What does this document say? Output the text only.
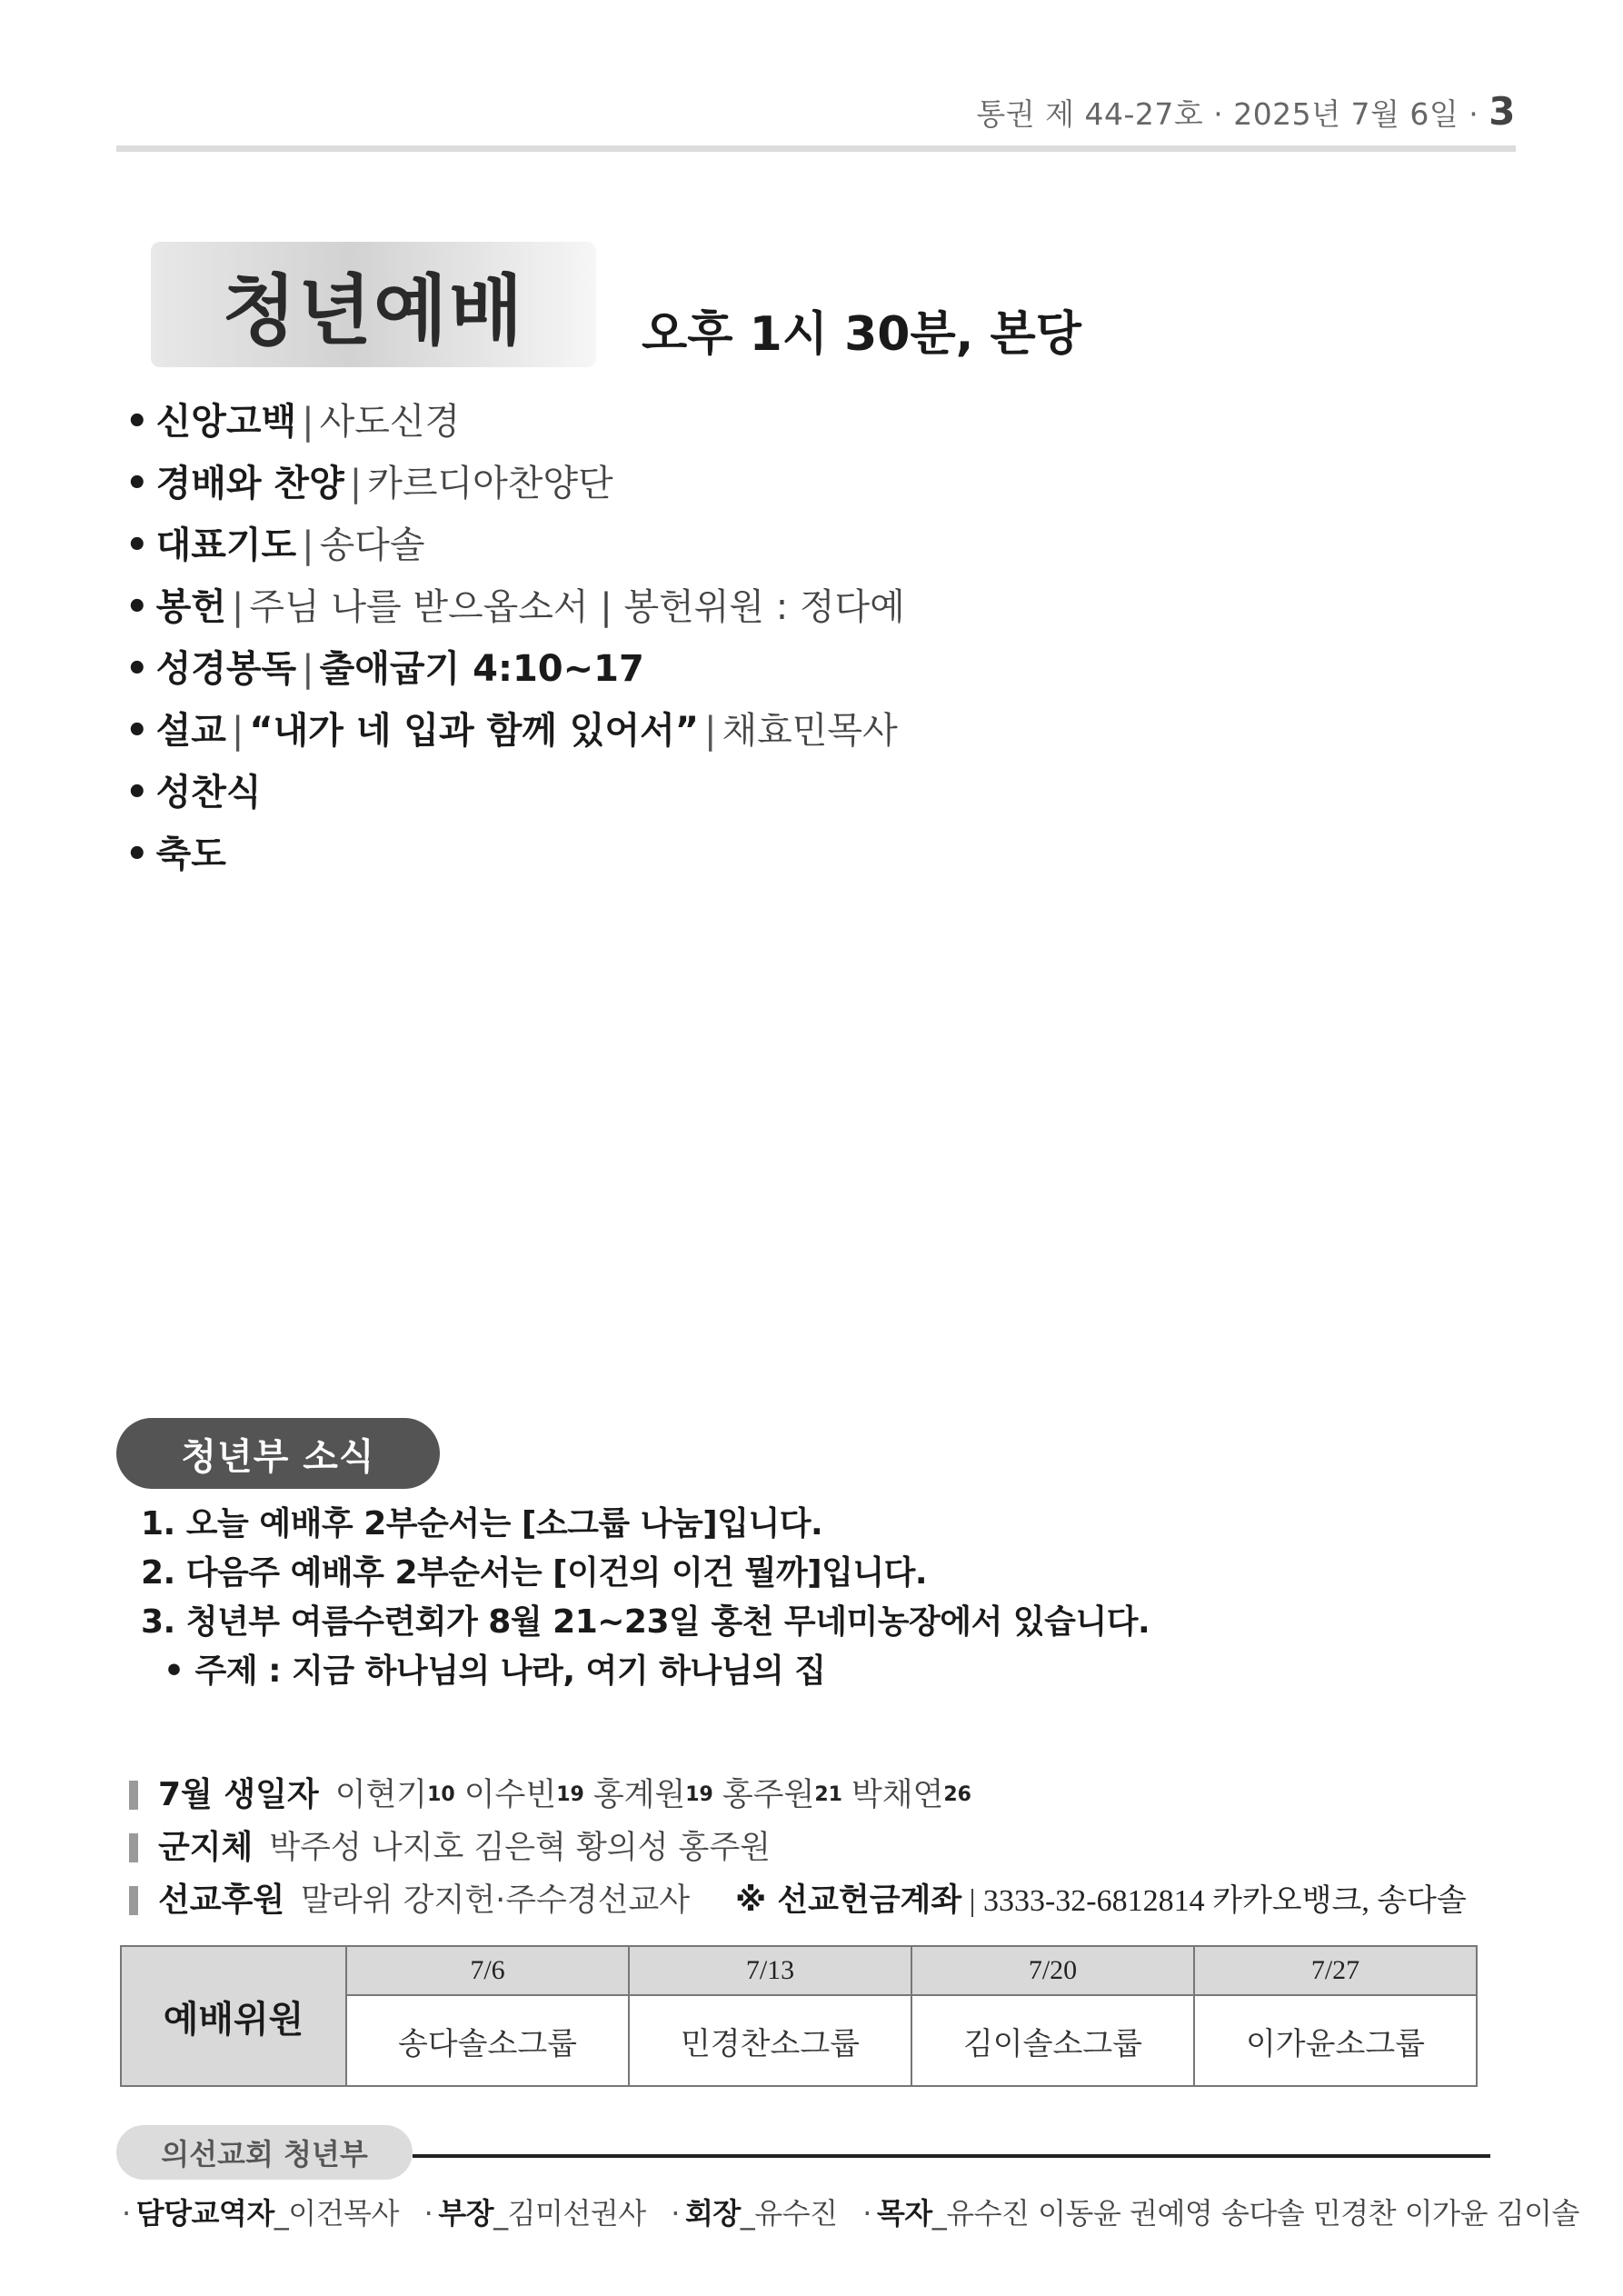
통권 제 44-27호 · 2025년 7월 6일 · 3
청년예배 오후 1시 30분, 본당
• 신앙고백 | 사도신경
• 경배와 찬양 | 카르디아찬양단
• 대표기도 | 송다솔
• 봉헌 | 주님 나를 받으옵소서 | 봉헌위원 : 정다예
• 성경봉독 | 출애굽기 4:10~17
• 설교 | “내가 네 입과 함께 있어서” | 채효민목사
• 성찬식
• 축도
청년부 소식
1. 오늘 예배후 2부순서는 [소그룹 나눔]입니다.
2. 다음주 예배후 2부순서는 [이건의 이건 뭘까]입니다.
3. 청년부 여름수련회가 8월 21~23일 홍천 무네미농장에서 있습니다.
• 주제 : 지금 하나님의 나라, 여기 하나님의 집
7월 생일자 이현기 10 이수빈 19 홍계원 19 홍주원 21 박채연 26
군지체 박주성 나지호 김은혁 황의성 홍주원
선교후원 말라위 강지헌·주수경선교사 ※ 선교헌금계좌 | 3333-32-6812814 카카오뱅크, 송다솔
예배위원	7/6	7/13	7/20	7/27
	송다솔소그룹	민경찬소그룹	김이솔소그룹	이가윤소그룹
의선교회 청년부
· 담당교역자_이건목사 · 부장_김미선권사 · 회장_유수진 · 목자_유수진 이동윤 권예영 송다솔 민경찬 이가윤 김이솔
